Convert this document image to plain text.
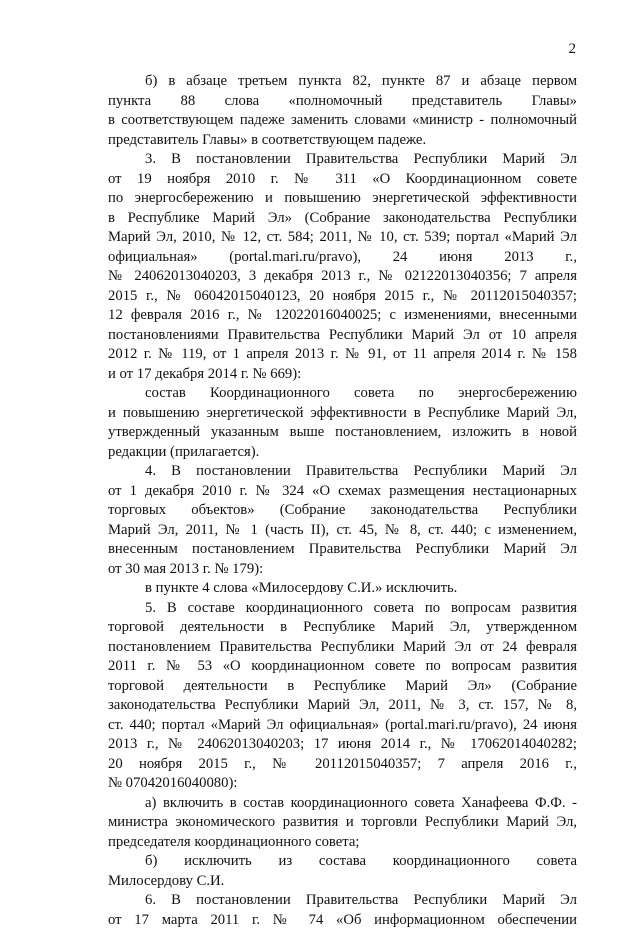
2
б) в абзаце третьем пункта 82, пункте 87 и абзаце первом
пункта 88 слова «полномочный представитель Главы»
в соответствующем падеже заменить словами «министр - полномочный
представитель Главы» в соответствующем падеже.
3. В постановлении Правительства Республики Марий Эл
от 19 ноября 2010 г. № 311 «О Координационном совете
по энергосбережению и повышению энергетической эффективности
в Республике Марий Эл» (Собрание законодательства Республики
Марий Эл, 2010, № 12, ст. 584; 2011, № 10, ст. 539; портал «Марий Эл
официальная» (portal.mari.ru/pravo), 24 июня 2013 г.,
№ 24062013040203, 3 декабря 2013 г., № 02122013040356; 7 апреля
2015 г., № 06042015040123, 20 ноября 2015 г., № 20112015040357;
12 февраля 2016 г., № 12022016040025; с изменениями, внесенными
постановлениями Правительства Республики Марий Эл от 10 апреля
2012 г. № 119, от 1 апреля 2013 г. № 91, от 11 апреля 2014 г. № 158
и от 17 декабря 2014 г. № 669):
состав Координационного совета по энергосбережению
и повышению энергетической эффективности в Республике Марий Эл,
утвержденный указанным выше постановлением, изложить в новой
редакции (прилагается).
4. В постановлении Правительства Республики Марий Эл
от 1 декабря 2010 г. № 324 «О схемах размещения нестационарных
торговых объектов» (Собрание законодательства Республики
Марий Эл, 2011, № 1 (часть II), ст. 45, № 8, ст. 440; с изменением,
внесенным постановлением Правительства Республики Марий Эл
от 30 мая 2013 г. № 179):
в пункте 4 слова «Милосердову С.И.» исключить.
5. В составе координационного совета по вопросам развития
торговой деятельности в Республике Марий Эл, утвержденном
постановлением Правительства Республики Марий Эл от 24 февраля
2011 г. № 53 «О координационном совете по вопросам развития
торговой деятельности в Республике Марий Эл» (Собрание
законодательства Республики Марий Эл, 2011, № 3, ст. 157, № 8,
ст. 440; портал «Марий Эл официальная» (portal.mari.ru/pravo), 24 июня
2013 г., № 24062013040203; 17 июня 2014 г., № 17062014040282;
20 ноября 2015 г., № 20112015040357; 7 апреля 2016 г.,
№ 07042016040080):
а) включить в состав координационного совета Ханафеева Ф.Ф. -
министра экономического развития и торговли Республики Марий Эл,
председателя координационного совета;
б) исключить из состава координационного совета
Милосердову С.И.
6. В постановлении Правительства Республики Марий Эл
от 17 марта 2011 г. № 74 «Об информационном обеспечении
